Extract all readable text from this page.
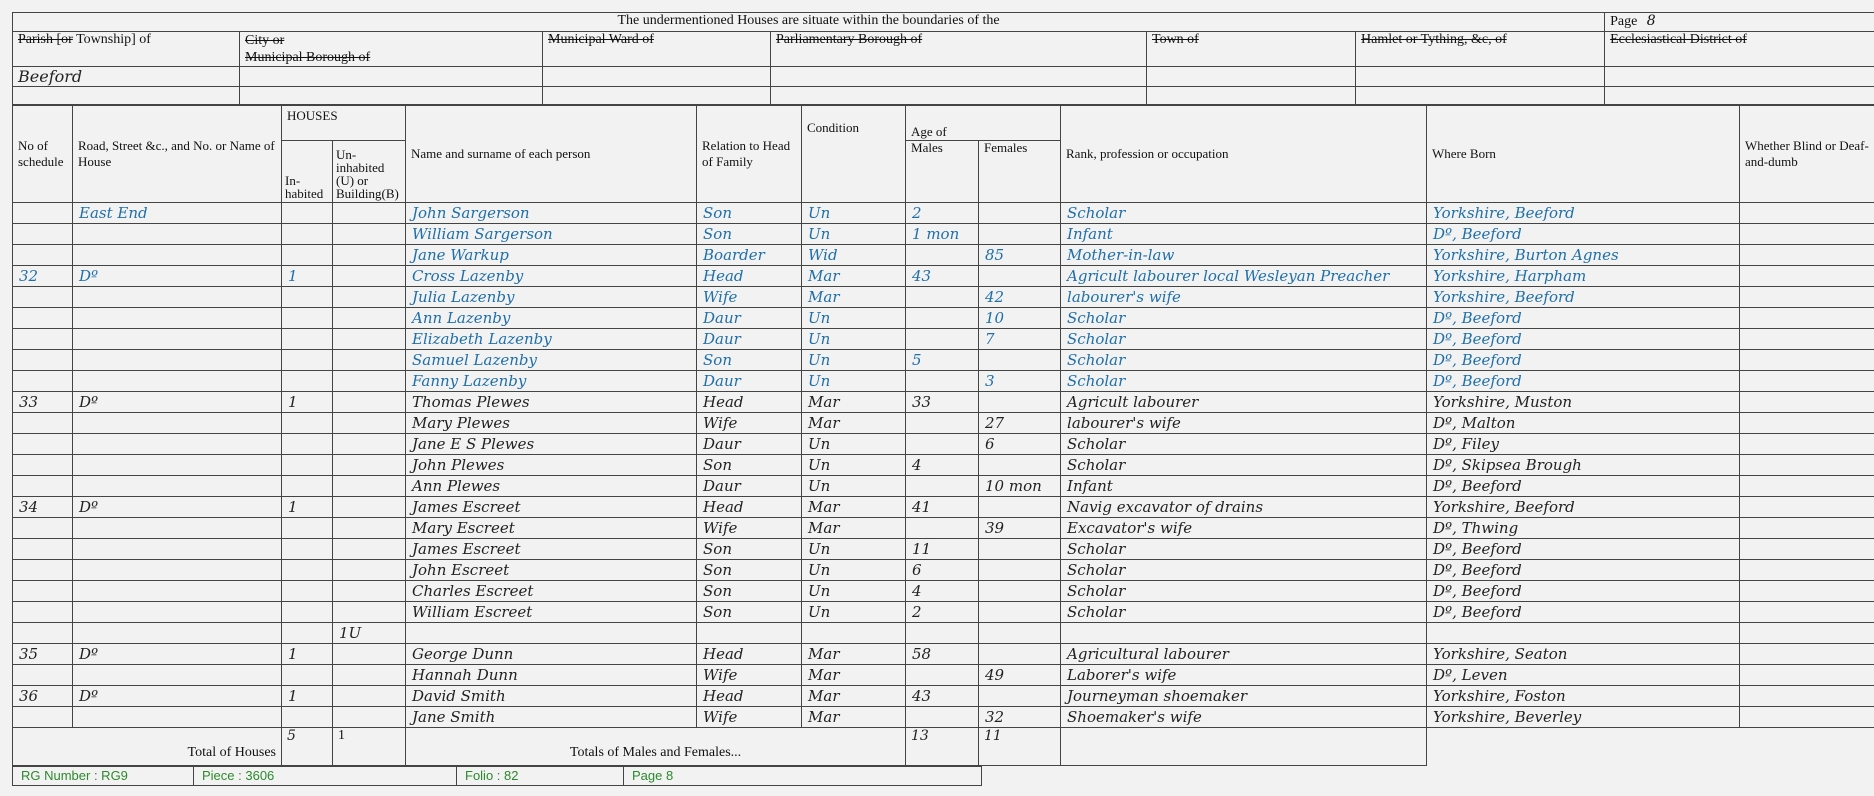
The undermentioned Houses are situate within the boundaries of the						Page 8
Parish [or Township] of	City or
Municipal Borough of	Municipal Ward of	Parliamentary Borough of	Town of	Hamlet or Tything, &c, of	Ecclesiastical District of
Beeford						

No of schedule	Road, Street &c., and No. or Name of House	HOUSES		Name and surname of each person	Relation to Head of Family	Condition	Age of		Rank, profession or occupation	Where Born	Whether Blind or Deaf-and-dumb
		In-habited	Un-inhabited (U) or Building(B)				Males	Females			
	East End			John Sargerson	Son	Un	2		Scholar	Yorkshire, Beeford	
				William Sargerson	Son	Un	1 mon		Infant	Dº, Beeford	
				Jane Warkup	Boarder	Wid		85	Mother-in-law	Yorkshire, Burton Agnes	
32	Dº	1		Cross Lazenby	Head	Mar	43		Agricult labourer local Wesleyan Preacher	Yorkshire, Harpham	
				Julia Lazenby	Wife	Mar		42	labourer's wife	Yorkshire, Beeford	
				Ann Lazenby	Daur	Un		10	Scholar	Dº, Beeford	
				Elizabeth Lazenby	Daur	Un		7	Scholar	Dº, Beeford	
				Samuel Lazenby	Son	Un	5		Scholar	Dº, Beeford	
				Fanny Lazenby	Daur	Un		3	Scholar	Dº, Beeford	
33	Dº	1		Thomas Plewes	Head	Mar	33		Agricult labourer	Yorkshire, Muston	
				Mary Plewes	Wife	Mar		27	labourer's wife	Dº, Malton	
				Jane E S Plewes	Daur	Un		6	Scholar	Dº, Filey	
				John Plewes	Son	Un	4		Scholar	Dº, Skipsea Brough	
				Ann Plewes	Daur	Un		10 mon	Infant	Dº, Beeford	
34	Dº	1		James Escreet	Head	Mar	41		Navig excavator of drains	Yorkshire, Beeford	
				Mary Escreet	Wife	Mar		39	Excavator's wife	Dº, Thwing	
				James Escreet	Son	Un	11		Scholar	Dº, Beeford	
				John Escreet	Son	Un	6		Scholar	Dº, Beeford	
				Charles Escreet	Son	Un	4		Scholar	Dº, Beeford	
				William Escreet	Son	Un	2		Scholar	Dº, Beeford	
			1U								
35	Dº	1		George Dunn	Head	Mar	58		Agricultural labourer	Yorkshire, Seaton	
				Hannah Dunn	Wife	Mar		49	Laborer's wife	Dº, Leven	
36	Dº	1		David Smith	Head	Mar	43		Journeyman shoemaker	Yorkshire, Foston	
				Jane Smith	Wife	Mar		32	Shoemaker's wife	Yorkshire, Beverley	
Total of Houses		5	1	Totals of Males and Females...			13	11			
RG Number : RG9	Piece : 3606	Folio : 82	Page 8
